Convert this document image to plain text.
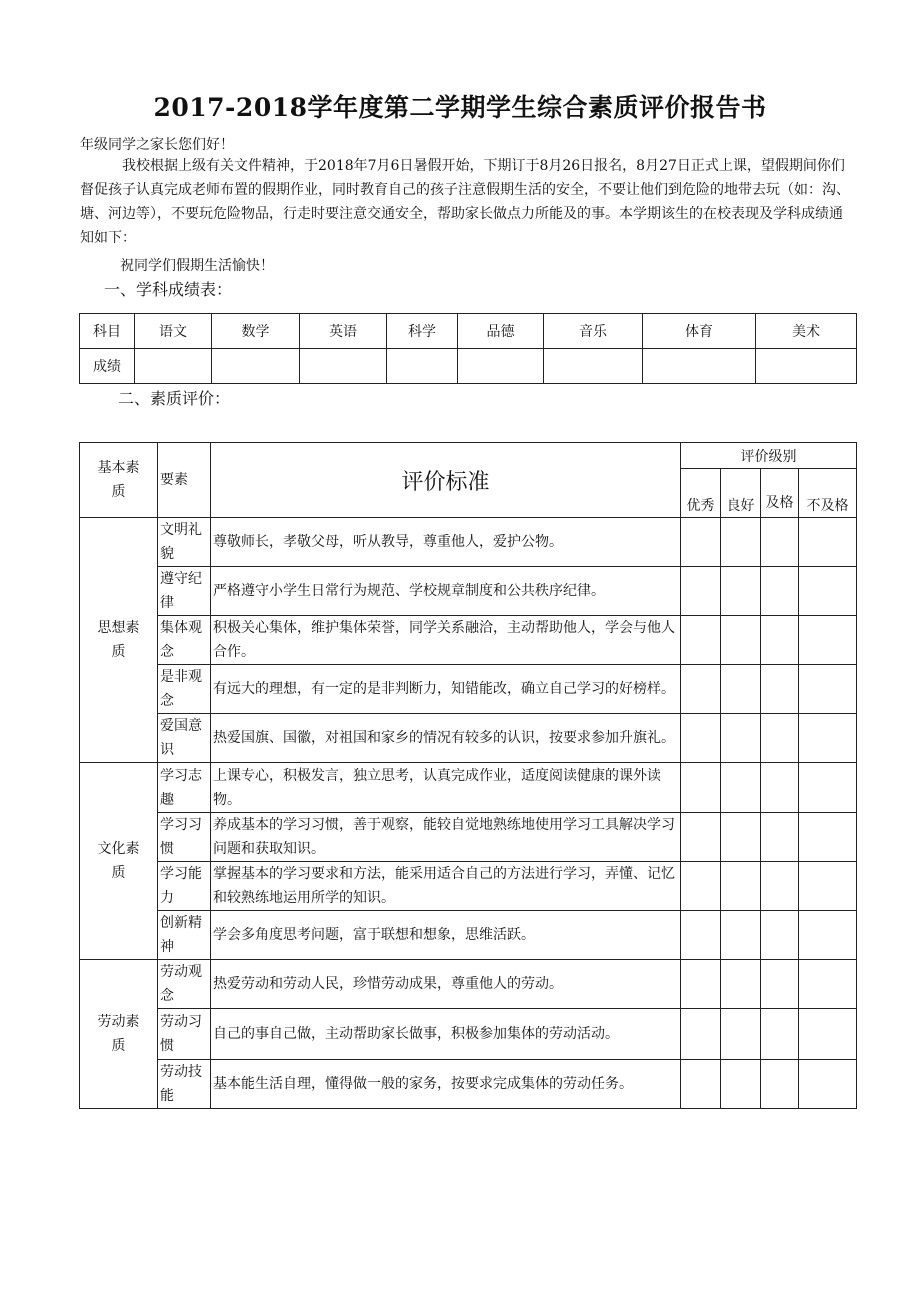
2017-2018学年度第二学期学生综合素质评价报告书
年级同学之家长您们好！
我校根据上级有关文件精神，于2018年7月6日暑假开始，下期订于8月26日报名，8月27日正式上课，望假期间你们督促孩子认真完成老师布置的假期作业，同时教育自己的孩子注意假期生活的安全，不要让他们到危险的地带去玩（如：沟、塘、河边等），不要玩危险物品，行走时要注意交通安全，帮助家长做点力所能及的事。本学期该生的在校表现及学科成绩通知如下：
祝同学们假期生活愉快！
一、学科成绩表：
科目	语文	数学	英语	科学	品德	音乐	体育	美术
成绩								
二、素质评价：
基本素质	要素	评价标准	评价级别			
			优秀	良好	及格	不及格
思想素质	文明礼貌	尊敬师长，孝敬父母，听从教导，尊重他人，爱护公物。				
	遵守纪律	严格遵守小学生日常行为规范、学校规章制度和公共秩序纪律。				
	集体观念	积极关心集体，维护集体荣誉，同学关系融洽，主动帮助他人，学会与他人合作。				
	是非观念	有远大的理想，有一定的是非判断力，知错能改，确立自己学习的好榜样。				
	爱国意识	热爱国旗、国徽，对祖国和家乡的情况有较多的认识，按要求参加升旗礼。				
文化素质	学习志趣	上课专心，积极发言，独立思考，认真完成作业，适度阅读健康的课外读物。				
	学习习惯	养成基本的学习习惯，善于观察，能较自觉地熟练地使用学习工具解决学习问题和获取知识。				
	学习能力	掌握基本的学习要求和方法，能采用适合自己的方法进行学习，弄懂、记忆和较熟练地运用所学的知识。				
	创新精神	学会多角度思考问题，富于联想和想象，思维活跃。				
劳动素质	劳动观念	热爱劳动和劳动人民，珍惜劳动成果，尊重他人的劳动。				
	劳动习惯	自己的事自己做，主动帮助家长做事，积极参加集体的劳动活动。				
	劳动技能	基本能生活自理，懂得做一般的家务，按要求完成集体的劳动任务。				
